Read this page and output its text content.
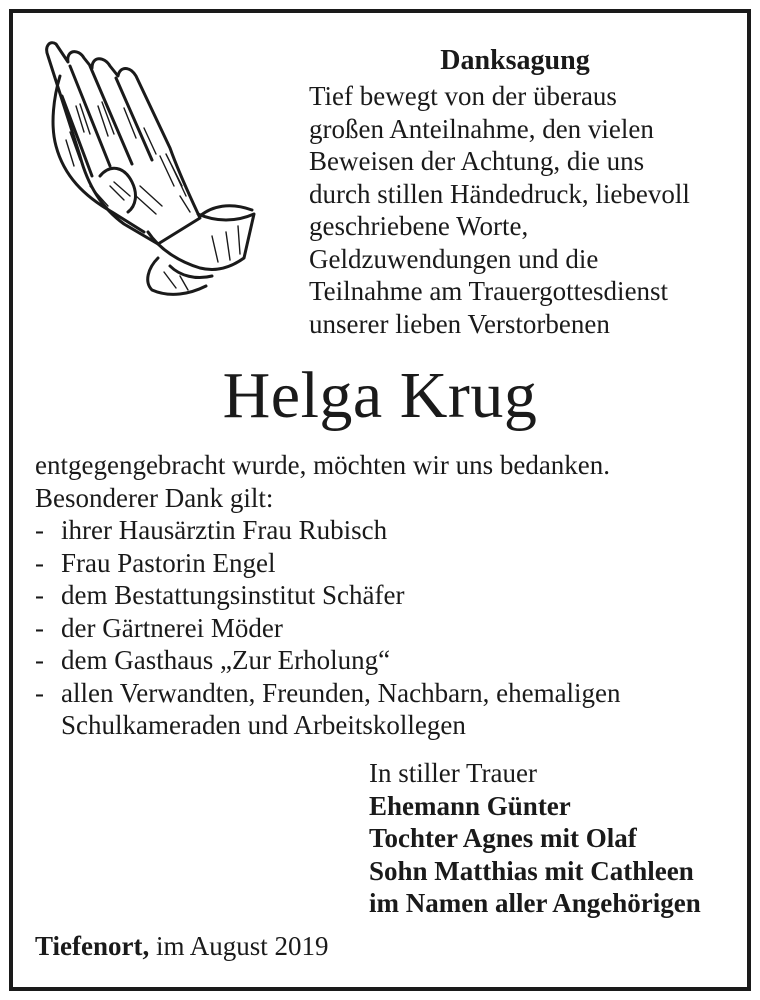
Danksagung
Tief bewegt von der überaus
großen Anteilnahme, den vielen
Beweisen der Achtung, die uns
durch stillen Händedruck, liebevoll
geschriebene Worte,
Geldzuwendungen und die
Teilnahme am Trauergottesdienst
unserer lieben Verstorbenen
Helga Krug
entgegengebracht wurde, möchten wir uns bedanken.
Besonderer Dank gilt:
- ihrer Hausärztin Frau Rubisch
- Frau Pastorin Engel
- dem Bestattungsinstitut Schäfer
- der Gärtnerei Möder
- dem Gasthaus „Zur Erholung“
- allen Verwandten, Freunden, Nachbarn, ehemaligen
Schulkameraden und Arbeitskollegen
In stiller Trauer
Ehemann Günter
Tochter Agnes mit Olaf
Sohn Matthias mit Cathleen
im Namen aller Angehörigen
Tiefenort, im August 2019
